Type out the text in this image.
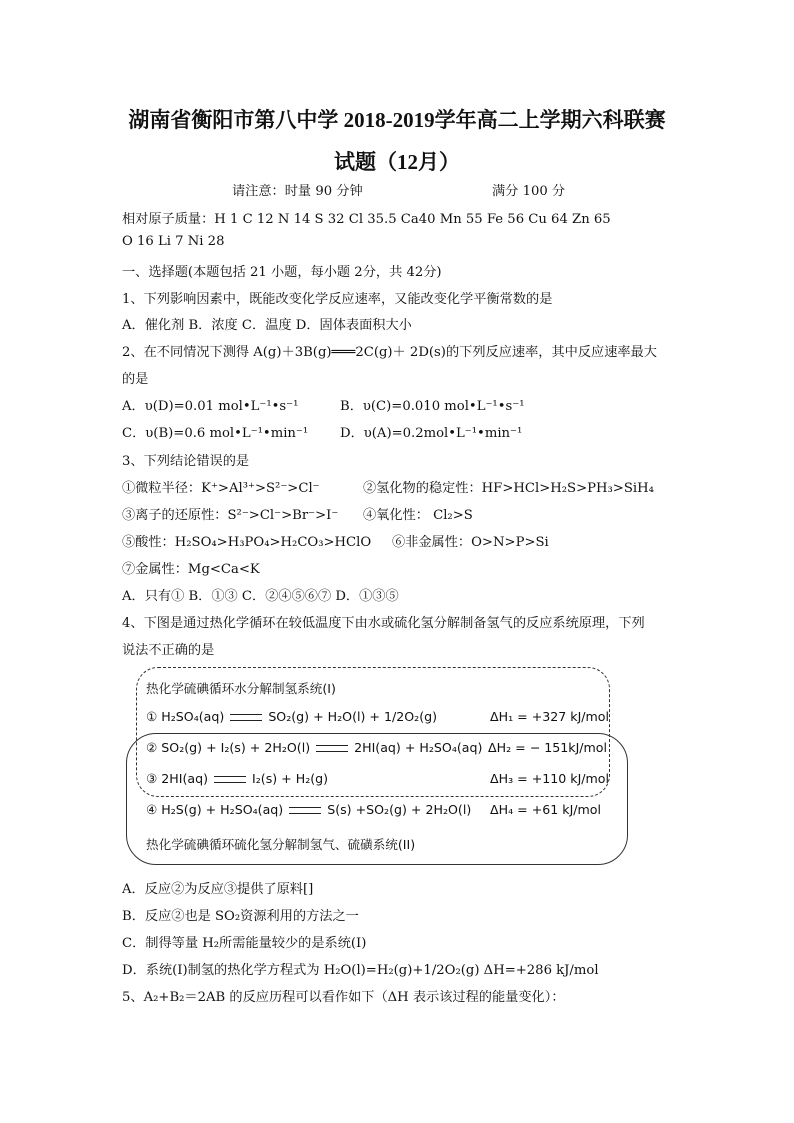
湖南省衡阳市第八中学 2018-2019学年高二上学期六科联赛
试题（12月）
请注意：时量 90 分钟	满分 100 分
相对原子质量：H 1 C 12 N 14 S 32 Cl 35.5 Ca40 Mn 55 Fe 56 Cu 64 Zn 65
O 16 Li 7 Ni 28
一、选择题(本题包括 21 小题，每小题 2分，共 42分)
1、下列影响因素中，既能改变化学反应速率，又能改变化学平衡常数的是
A．催化剂 B．浓度 C．温度 D．固体表面积大小
2、在不同情况下测得 A(g)＋3B(g)═══2C(g)＋ 2D(s)的下列反应速率，其中反应速率最大
的是
A．υ(D)=0.01 mol•L⁻¹•s⁻¹	B．υ(C)=0.010 mol•L⁻¹•s⁻¹
C．υ(B)=0.6 mol•L⁻¹•min⁻¹ D．υ(A)=0.2mol•L⁻¹•min⁻¹
3、下列结论错误的是
①微粒半径：K⁺>Al³⁺>S²⁻>Cl⁻	②氢化物的稳定性：HF>HCl>H₂S>PH₃>SiH₄
③离子的还原性：S²⁻>Cl⁻>Br⁻>I⁻ ④氧化性： Cl₂>S
⑤酸性：H₂SO₄>H₃PO₄>H₂CO₃>HClO ⑥非金属性：O>N>P>Si
⑦金属性：Mg<Ca<K
A．只有① B．①③ C．②④⑤⑥⑦ D．①③⑤
4、下图是通过热化学循环在较低温度下由水或硫化氢分解制备氢气的反应系统原理，下列
说法不正确的是
热化学硫碘循环水分解制氢系统(I)
① H₂SO₄(aq)	SO₂(g) + H₂O(l) + 1/2O₂(g)	ΔH₁ = +327 kJ/mol
② SO₂(g) + I₂(s) + 2H₂O(l)	2HI(aq) + H₂SO₄(aq) ΔH₂ = − 151kJ/mol
③ 2HI(aq)	I₂(s) + H₂(g)	ΔH₃ = +110 kJ/mol
④ H₂S(g) + H₂SO₄(aq)	S(s) +SO₂(g) + 2H₂O(l) ΔH₄ = +61 kJ/mol
热化学硫碘循环硫化氢分解制氢气、硫磺系统(II)
A．反应②为反应③提供了原料[]
B．反应②也是 SO₂资源利用的方法之一
C．制得等量 H₂所需能量较少的是系统(I)
D．系统(I)制氢的热化学方程式为 H₂O(l)=H₂(g)+1/2O₂(g) ΔH=+286 kJ/mol
5、A₂+B₂＝2AB 的反应历程可以看作如下（ΔH 表示该过程的能量变化）：
